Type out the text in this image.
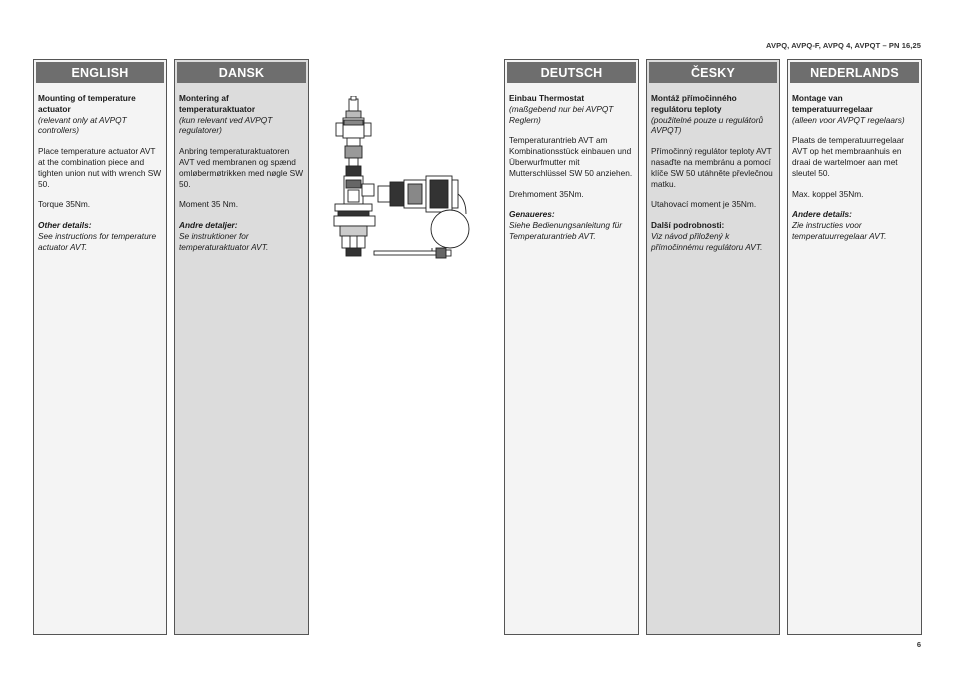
AVPQ, AVPQ-F, AVPQ 4, AVPQT – PN 16,25
ENGLISH

Mounting of temperature actuator
(relevant only at AVPQT controllers)

Place temperature actuator AVT at the combination piece and tighten union nut with wrench SW 50.

Torque 35Nm.

Other details:
See instructions for temperature actuator AVT.

DANSK

Montering af temperaturaktuator
(kun relevant ved AVPQT regulatorer)

Anbring temperaturaktuatoren AVT ved membranen og spænd omløbermøtrikken med nøgle SW 50.

Moment 35 Nm.

Andre detaljer:
Se instruktioner for temperaturaktuator AVT.

DEUTSCH

Einbau Thermostat
(maßgebend nur bei AVPQT Reglern)

Temperaturantrieb AVT am Kombinationsstück einbauen und Überwurfmutter mit Mutterschlüssel SW 50 anziehen.

Drehmoment 35Nm.

Genaueres:
Siehe Bedienungsanleitung für Temperaturantrieb AVT.

ČESKY

Montáž přímočinného regulátoru teploty
(použitelné pouze u regulátorů AVPQT)

Přímočinný regulátor teploty AVT nasaďte na membránu a pomocí klíče SW 50 utáhněte převlečnou matku.

Utahovací moment je 35Nm.

Další podrobnosti:
Viz návod přiložený k přímočinnému regulátoru AVT.

NEDERLANDS

Montage van temperatuurregelaar
(alleen voor AVPQT regelaars)

Plaats de temperatuurregelaar AVT op het membraanhuis en draai de wartelmoer aan met sleutel 50.

Max. koppel 35Nm.

Andere details:
Zie instructies voor temperatuurregelaar AVT.

6
